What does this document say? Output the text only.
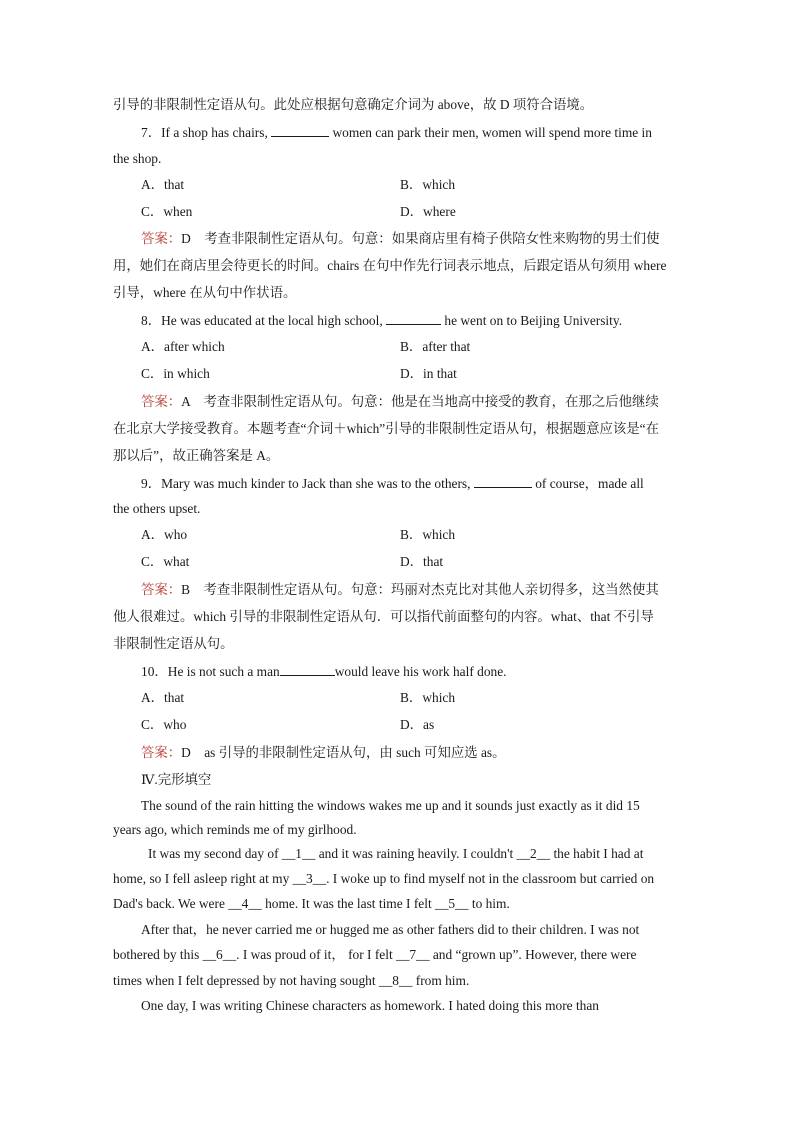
引导的非限制性定语从句。此处应根据句意确定介词为 above，故 D 项符合语境。
7．If a shop has chairs,	women can park their men, women will spend more time in
the shop.
A．that	B．which
C．when	D．where
答案：D　考查非限制性定语从句。句意：如果商店里有椅子供陪女性来购物的男士们使
用，她们在商店里会待更长的时间。chairs 在句中作先行词表示地点，后跟定语从句须用 where
引导，where 在从句中作状语。
8．He was educated at the local high school,	he went on to Beijing University.
A．after which	B．after that
C．in which	D．in that
答案：A　考查非限制性定语从句。句意：他是在当地高中接受的教育，在那之后他继续
在北京大学接受教育。本题考查“介词＋which”引导的非限制性定语从句，根据题意应该是“在
那以后”，故正确答案是 A。
9．Mary was much kinder to Jack than she was to the others,	of course，made all
the others upset.
A．who	B．which
C．what	D．that
答案：B　考查非限制性定语从句。句意：玛丽对杰克比对其他人亲切得多，这当然使其
他人很难过。which 引导的非限制性定语从句．可以指代前面整句的内容。what、that 不引导
非限制性定语从句。
10．He is not such a man	would leave his work half done.
A．that	B．which
C．who	D．as
答案：D　as 引导的非限制性定语从句，由 such 可知应选 as。
Ⅳ.完形填空
The sound of the rain hitting the windows wakes me up and it sounds just exactly as it did 15
years ago, which reminds me of my girlhood.
It was my second day of __1__ and it was raining heavily. I couldn't __2__ the habit I had at
home, so I fell asleep right at my __3__. I woke up to find myself not in the classroom but carried on
Dad's back. We were __4__ home. It was the last time I felt __5__ to him.
After that，he never carried me or hugged me as other fathers did to their children. I was not
bothered by this __6__. I was proud of it， for I felt __7__ and “grown up”. However, there were
times when I felt depressed by not having sought __8__ from him.
One day, I was writing Chinese characters as homework. I hated doing this more than
